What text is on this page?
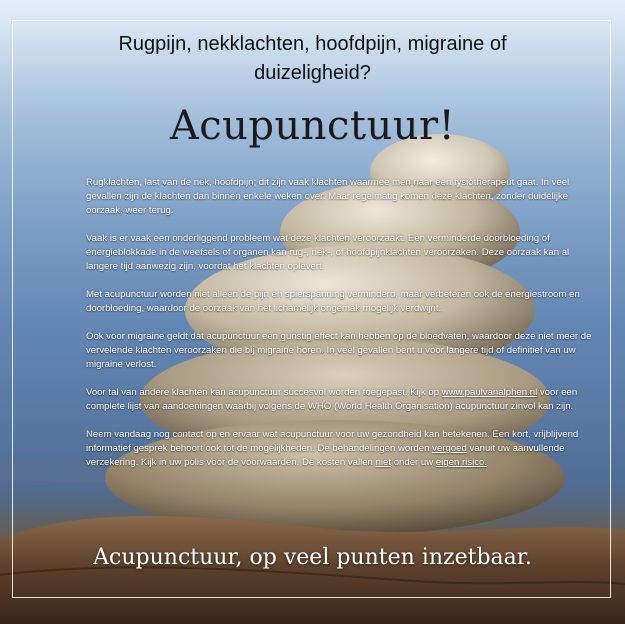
Rugpijn, nekklachten, hoofdpijn, migraine of
duizeligheid?
Acupunctuur!

Rugklachten, last van de nek, hoofdpijn; dit zijn vaak klachten waarmee men naar een fysiotherapeut gaat. In veel gevallen zijn de klachten dan binnen enkele weken over. Maar regelmatig komen deze klachten, zonder duidelijke oorzaak, weer terug.

Vaak is er vaak een onderliggend probleem wat deze klachten veroorzaakt. Een verminderde doorbloeding of energieblokkade in de weefsels of organen kan rug-, nek-, of hoofdpijnklachten veroorzaken. Deze oorzaak kan al langere tijd aanwezig zijn, voordat het klachten oplevert.

Met acupunctuur worden niet alleen de pijn en spierspanning verminderd, maar verbeteren ook de energiestroom en doorbloeding, waardoor de oorzaak van het lichamelijk ongemak mogelijk verdwijnt.

Ook voor migraine geldt dat acupunctuur een gunstig effect kan hebben op de bloedvaten, waardoor deze niet meer de vervelende klachten veroorzaken die bij migraine horen. In veel gevallen bent u voor langere tijd of definitief van uw migraine verlost.

Voor tal van andere klachten kan acupunctuur succesvol worden toegepast. Kijk op www.paulvanalphen.nl voor een complete lijst van aandoeningen waarbij volgens de WHO (World Health Organisation) acupunctuur zinvol kan zijn.

Neem vandaag nog contact op en ervaar wat acupunctuur voor uw gezondheid kan betekenen. Een kort, vrijblijvend informatief gesprek behoort ook tot de mogelijkheden. De behandelingen worden vergoed vanuit uw aanvullende verzekering. Kijk in uw polis voor de voorwaarden. De kosten vallen niet onder uw eigen risico.

Acupunctuur, op veel punten inzetbaar.
